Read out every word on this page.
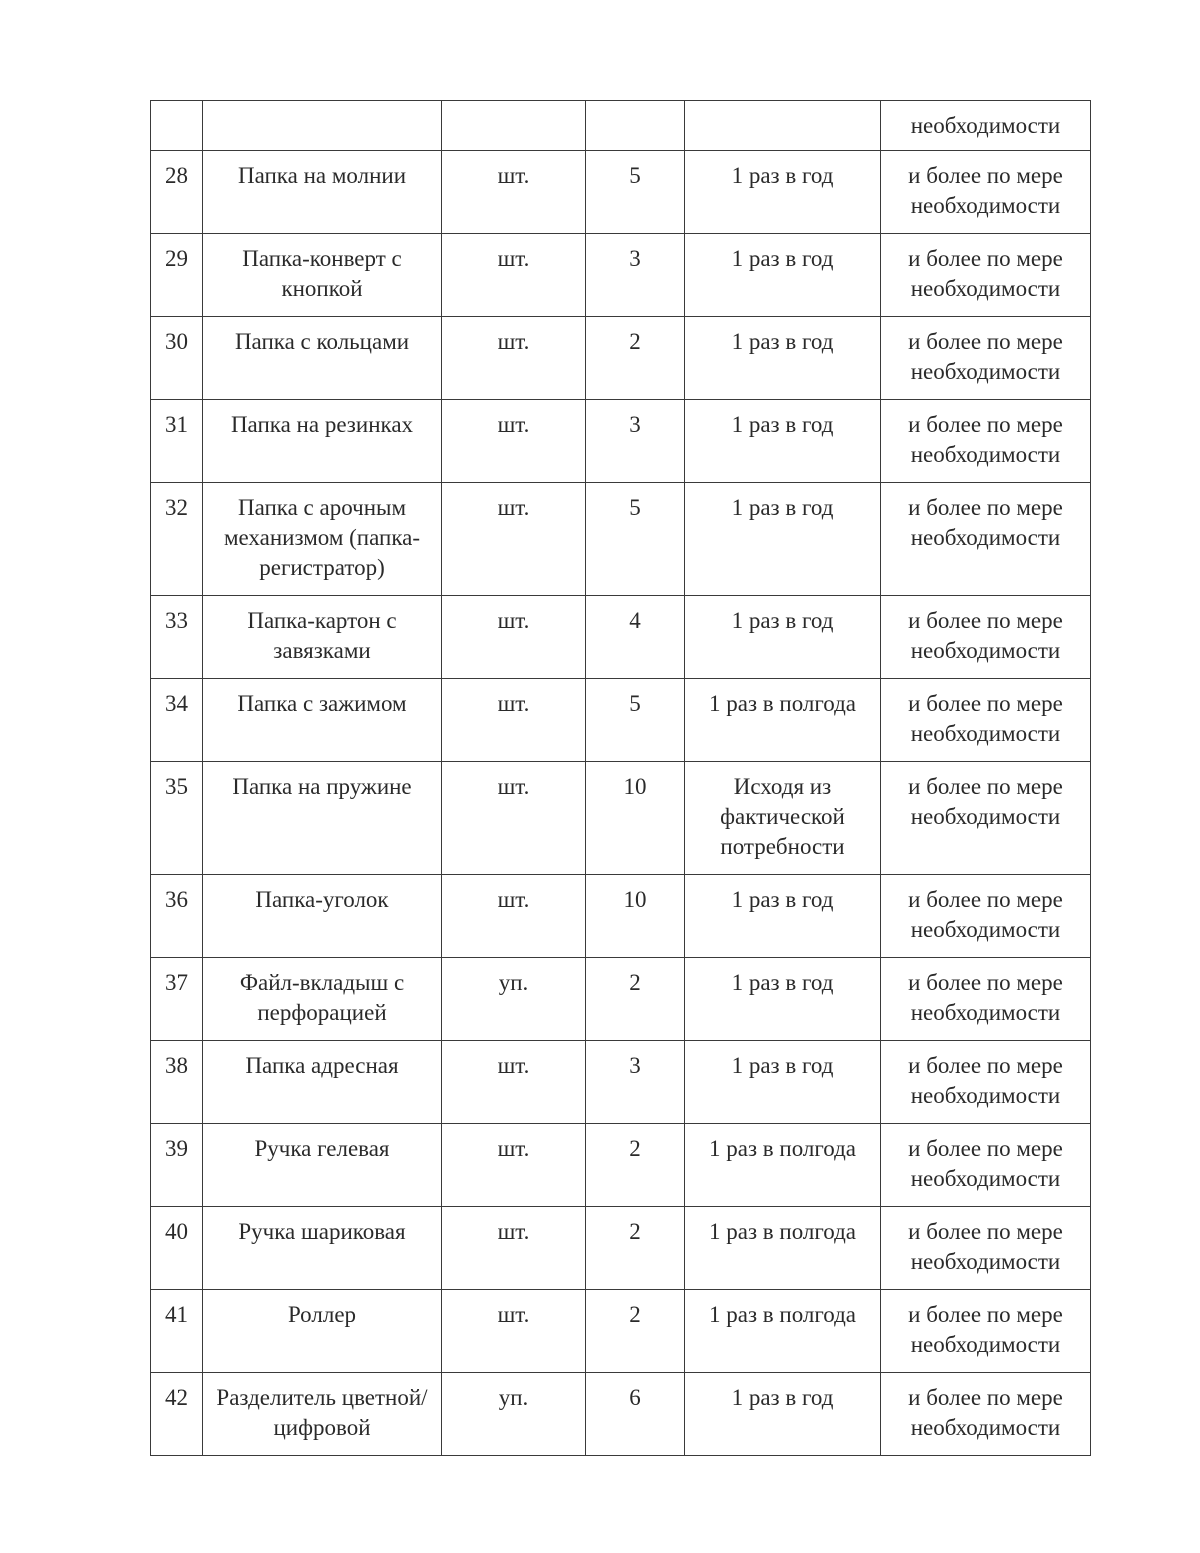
					необходимости
28	Папка на молнии	шт.	5	1 раз в год	и более по мере необходимости
29	Папка-конверт с кнопкой	шт.	3	1 раз в год	и более по мере необходимости
30	Папка с кольцами	шт.	2	1 раз в год	и более по мере необходимости
31	Папка на резинках	шт.	3	1 раз в год	и более по мере необходимости
32	Папка с арочным механизмом (папка-регистратор)	шт.	5	1 раз в год	и более по мере необходимости
33	Папка-картон с завязками	шт.	4	1 раз в год	и более по мере необходимости
34	Папка с зажимом	шт.	5	1 раз в полгода	и более по мере необходимости
35	Папка на пружине	шт.	10	Исходя из фактической потребности	и более по мере необходимости
36	Папка-уголок	шт.	10	1 раз в год	и более по мере необходимости
37	Файл-вкладыш с перфорацией	уп.	2	1 раз в год	и более по мере необходимости
38	Папка адресная	шт.	3	1 раз в год	и более по мере необходимости
39	Ручка гелевая	шт.	2	1 раз в полгода	и более по мере необходимости
40	Ручка шариковая	шт.	2	1 раз в полгода	и более по мере необходимости
41	Роллер	шт.	2	1 раз в полгода	и более по мере необходимости
42	Разделитель цветной/цифровой	уп.	6	1 раз в год	и более по мере необходимости
